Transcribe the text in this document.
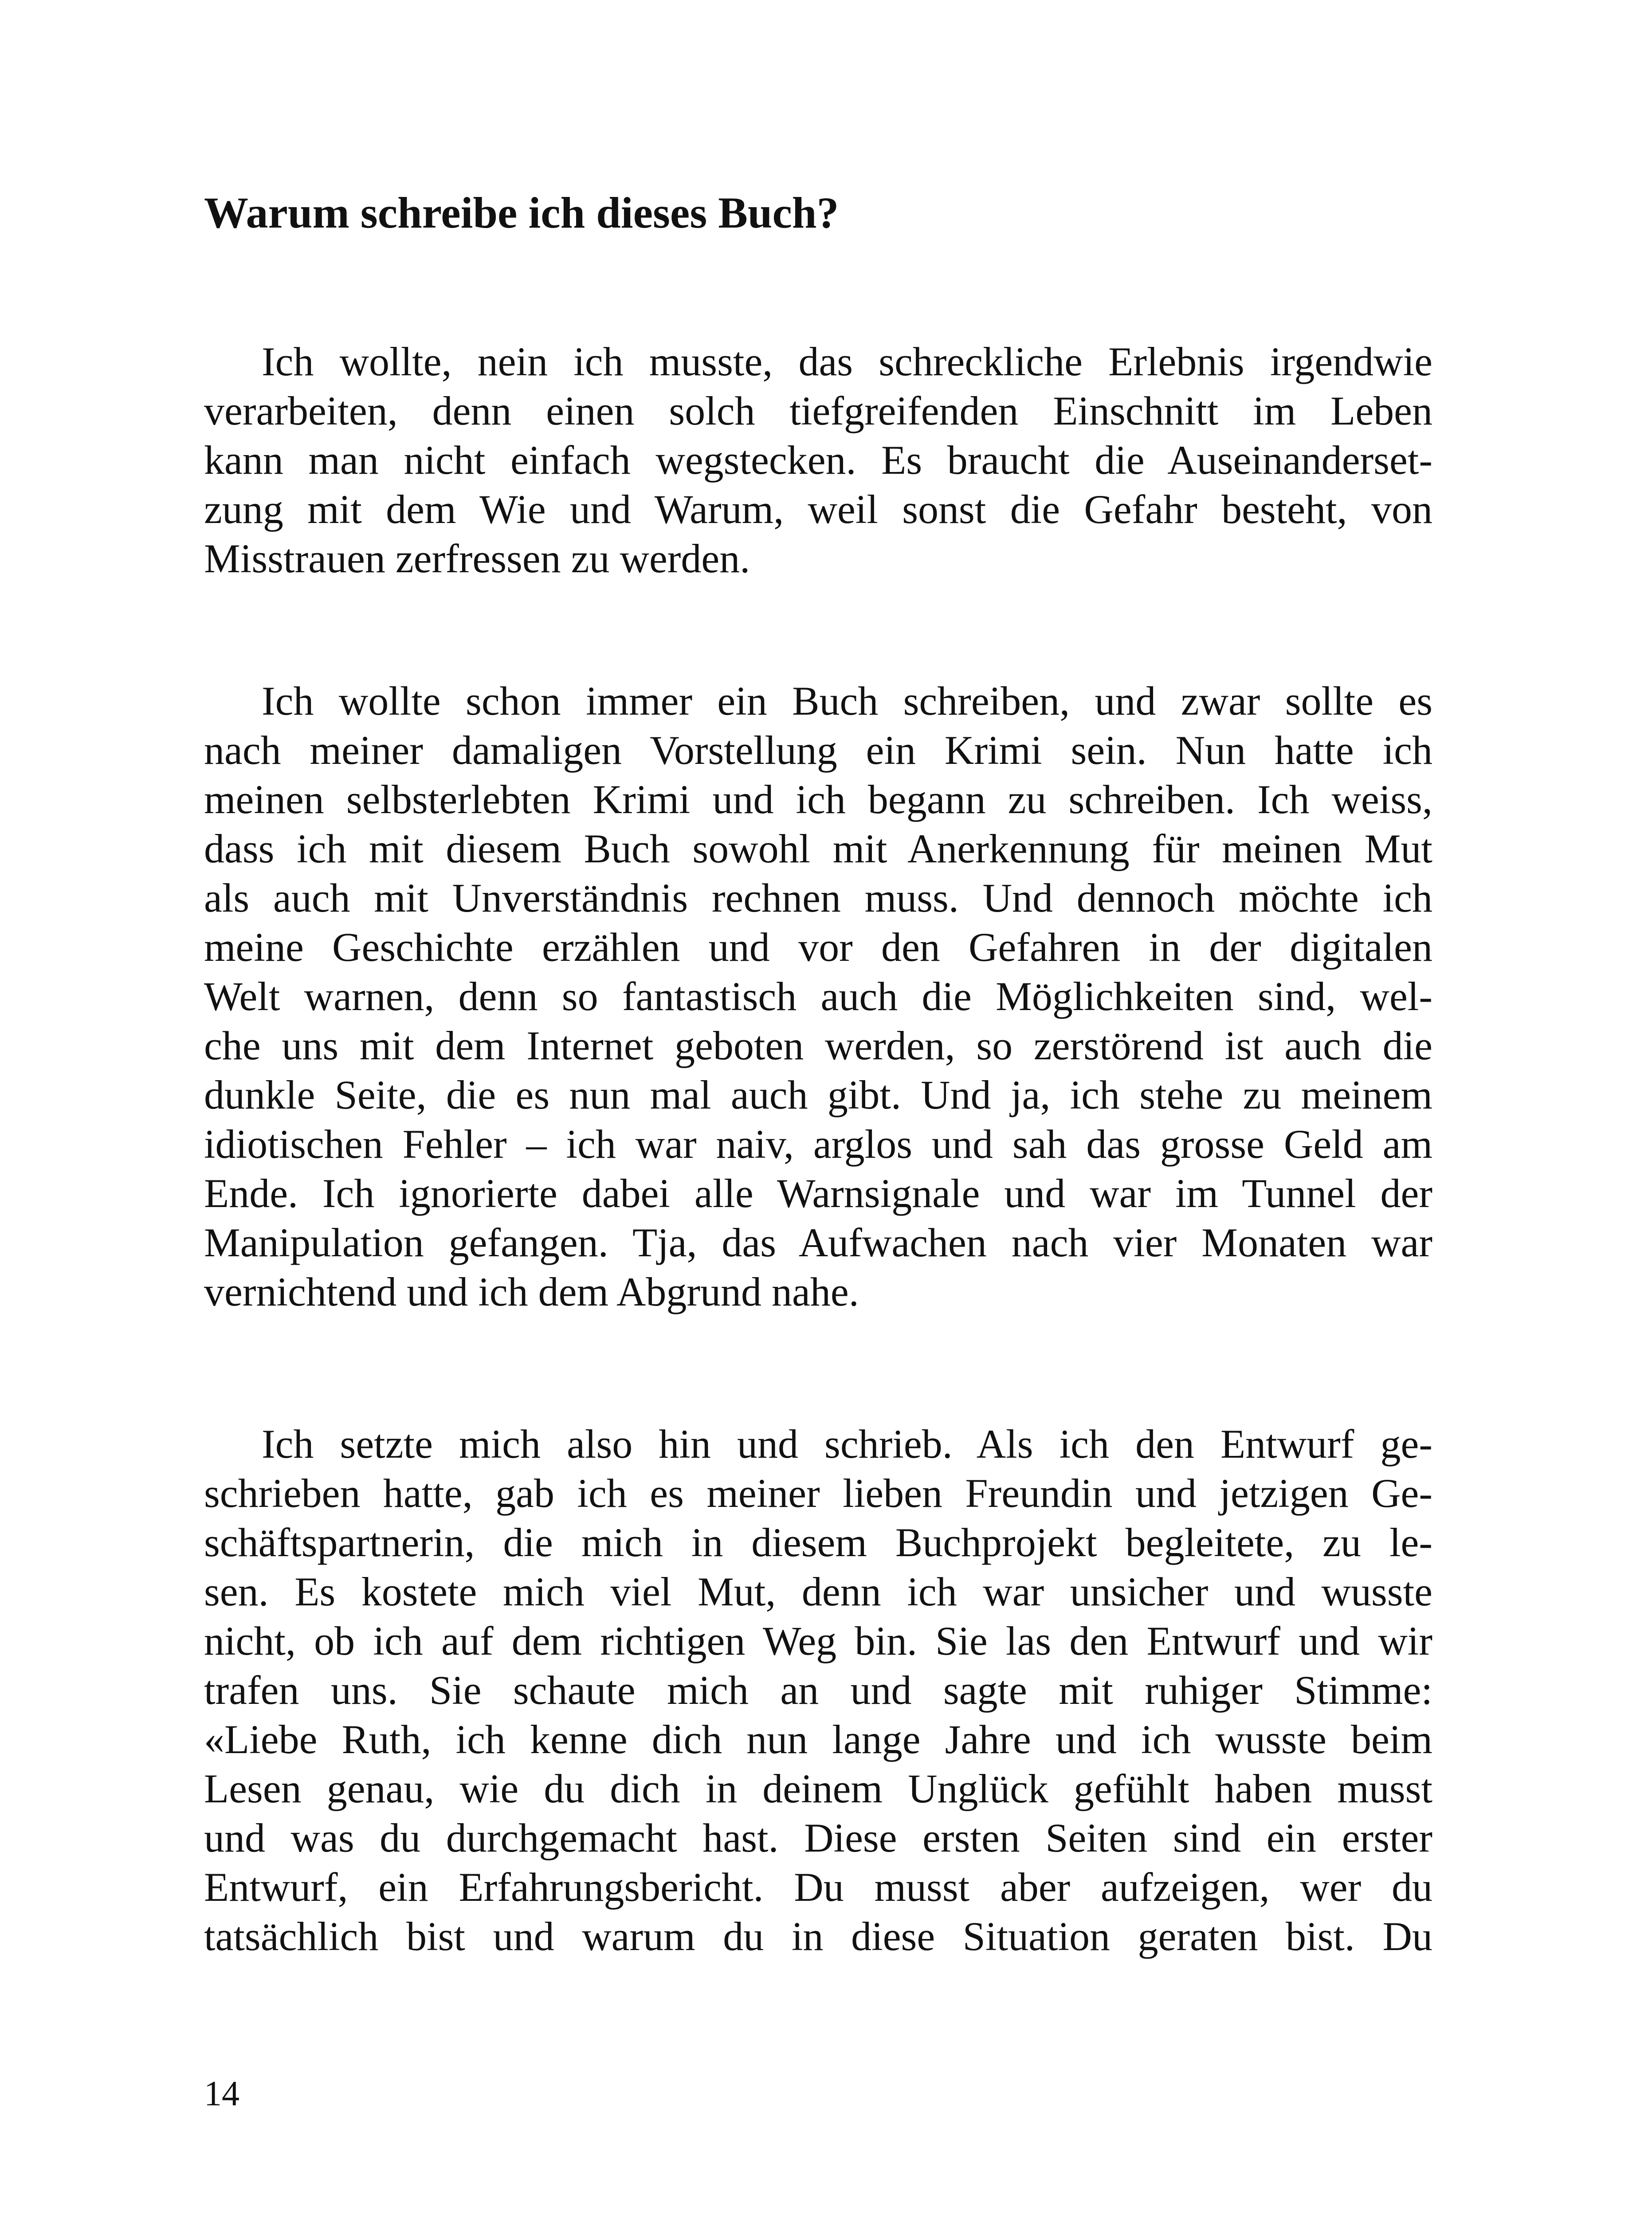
Warum schreibe ich dieses Buch?
Ich wollte, nein ich musste, das schreckliche Erlebnis irgendwie
verarbeiten, denn einen solch tiefgreifenden Einschnitt im Leben
kann man nicht einfach wegstecken. Es braucht die Auseinanderset-
zung mit dem Wie und Warum, weil sonst die Gefahr besteht, von
Misstrauen zerfressen zu werden.
Ich wollte schon immer ein Buch schreiben, und zwar sollte es
nach meiner damaligen Vorstellung ein Krimi sein. Nun hatte ich
meinen selbsterlebten Krimi und ich begann zu schreiben. Ich weiss,
dass ich mit diesem Buch sowohl mit Anerkennung für meinen Mut
als auch mit Unverständnis rechnen muss. Und dennoch möchte ich
meine Geschichte erzählen und vor den Gefahren in der digitalen
Welt warnen, denn so fantastisch auch die Möglichkeiten sind, wel-
che uns mit dem Internet geboten werden, so zerstörend ist auch die
dunkle Seite, die es nun mal auch gibt. Und ja, ich stehe zu meinem
idiotischen Fehler – ich war naiv, arglos und sah das grosse Geld am
Ende. Ich ignorierte dabei alle Warnsignale und war im Tunnel der
Manipulation gefangen. Tja, das Aufwachen nach vier Monaten war
vernichtend und ich dem Abgrund nahe.
Ich setzte mich also hin und schrieb. Als ich den Entwurf ge-
schrieben hatte, gab ich es meiner lieben Freundin und jetzigen Ge-
schäftspartnerin, die mich in diesem Buchprojekt begleitete, zu le-
sen. Es kostete mich viel Mut, denn ich war unsicher und wusste
nicht, ob ich auf dem richtigen Weg bin. Sie las den Entwurf und wir
trafen uns. Sie schaute mich an und sagte mit ruhiger Stimme:
«Liebe Ruth, ich kenne dich nun lange Jahre und ich wusste beim
Lesen genau, wie du dich in deinem Unglück gefühlt haben musst
und was du durchgemacht hast. Diese ersten Seiten sind ein erster
Entwurf, ein Erfahrungsbericht. Du musst aber aufzeigen, wer du
tatsächlich bist und warum du in diese Situation geraten bist. Du
14
